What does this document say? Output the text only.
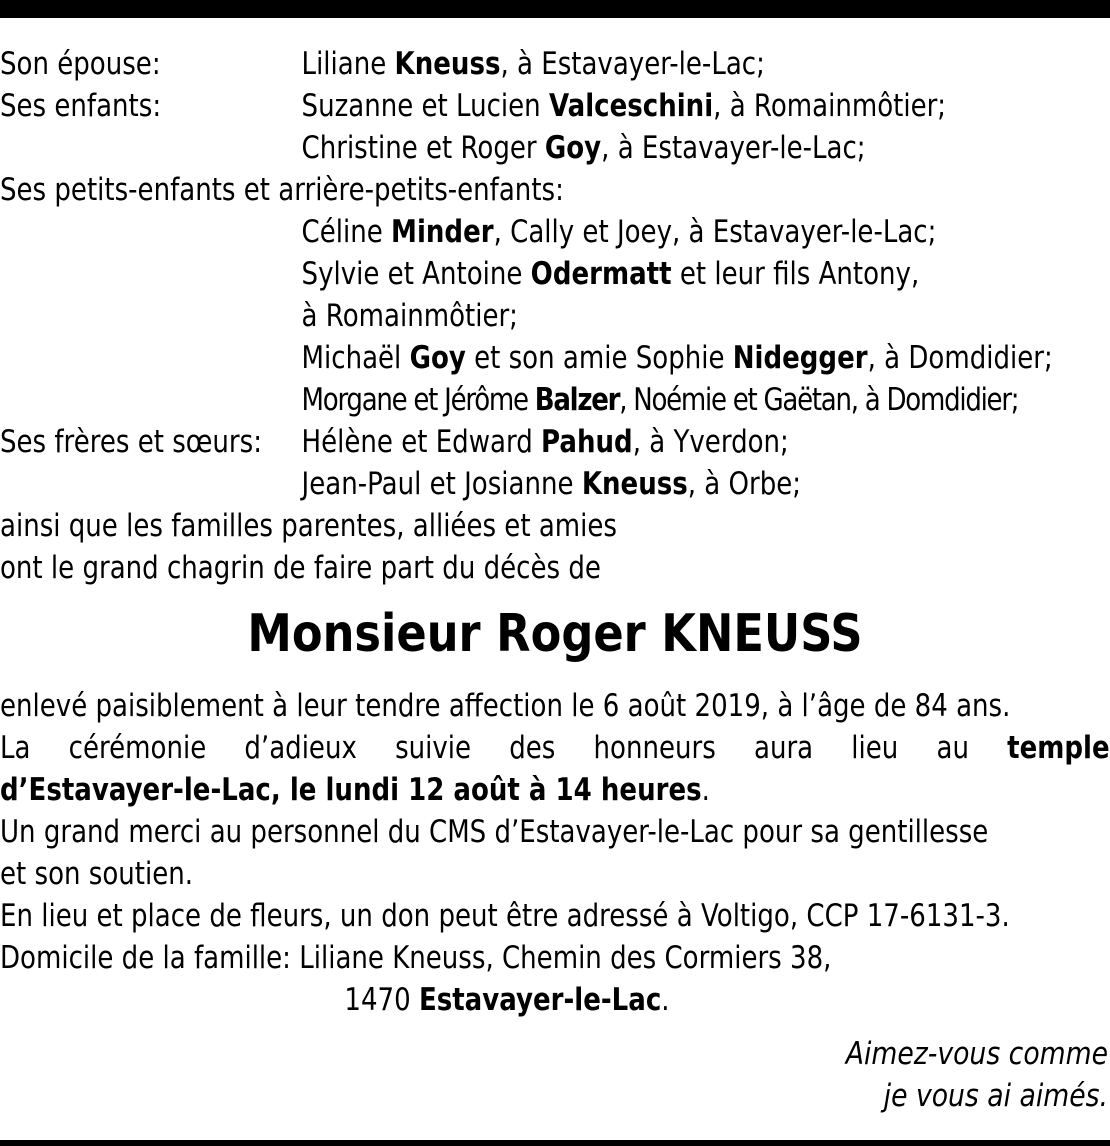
Son épouse:	Liliane Kneuss, à Estavayer-le-Lac;
Ses enfants:	Suzanne et Lucien Valceschini, à Romainmôtier;
Christine et Roger Goy, à Estavayer-le-Lac;
Ses petits-enfants et arrière-petits-enfants:
Céline Minder, Cally et Joey, à Estavayer-le-Lac;
Sylvie et Antoine Odermatt et leur fils Antony,
à Romainmôtier;
Michaël Goy et son amie Sophie Nidegger, à Domdidier;
Morgane et Jérôme Balzer, Noémie et Gaëtan, à Domdidier;
Ses frères et sœurs:	Hélène et Edward Pahud, à Yverdon;
Jean-Paul et Josianne Kneuss, à Orbe;
ainsi que les familles parentes, alliées et amies
ont le grand chagrin de faire part du décès de
Monsieur Roger KNEUSS
enlevé paisiblement à leur tendre affection le 6 août 2019, à l’âge de 84 ans.
La cérémonie d’adieux suivie des honneurs aura lieu au temple
d’Estavayer-le-Lac, le lundi 12 août à 14 heures.
Un grand merci au personnel du CMS d’Estavayer-le-Lac pour sa gentillesse
et son soutien.
En lieu et place de fleurs, un don peut être adressé à Voltigo, CCP 17-6131-3.
Domicile de la famille: Liliane Kneuss, Chemin des Cormiers 38,
1470 Estavayer-le-Lac.
Aimez-vous comme
je vous ai aimés.
